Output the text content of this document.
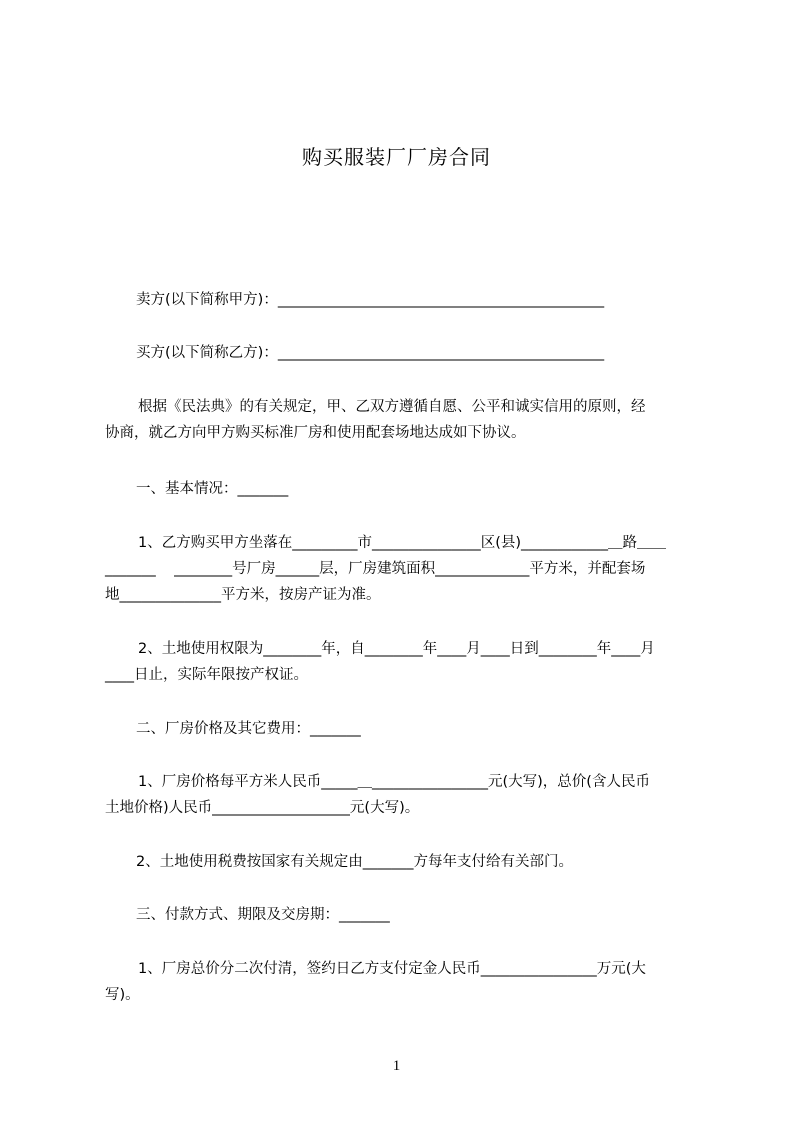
购买服装厂厂房合同
卖方(以下简称甲方)：_____________________________________________
买方(以下简称乙方)：_____________________________________________
根据《民法典》的有关规定，甲、乙双方遵循自愿、公平和诚实信用的原则，经
协商，就乙方向甲方购买标准厂房和使用配套场地达成如下协议。
一、基本情况：_______
1、乙方购买甲方坐落在_________市_______________区(县)____________＿路＿＿
_______    ________号厂房______层，厂房建筑面积_____________平方米，并配套场
地______________平方米，按房产证为准。
2、土地使用权限为________年，自________年____月____日到________年____月
____日止，实际年限按产权证。
二、厂房价格及其它费用：_______
1、厂房价格每平方米人民币_____＿________________元(大写)，总价(含人民币
土地价格)人民币___________________元(大写)。
2、土地使用税费按国家有关规定由_______方每年支付给有关部门。
三、付款方式、期限及交房期：_______
1、厂房总价分二次付清，签约日乙方支付定金人民币________________万元(大
写)。
1
